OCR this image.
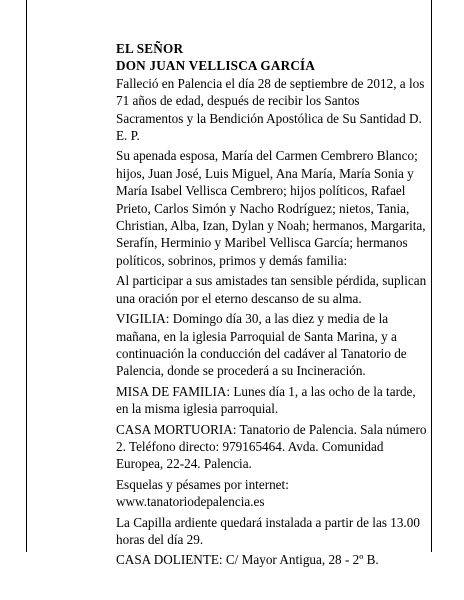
EL SEÑOR

DON JUAN VELLISCA GARCÍA

Falleció en Palencia el día 28 de septiembre de 2012, a los 71 años de edad, después de recibir los Santos Sacramentos y la Bendición Apostólica de Su Santidad D. E. P.

Su apenada esposa, María del Carmen Cembrero Blanco; hijos, Juan José, Luis Miguel, Ana María, María Sonia y María Isabel Vellisca Cembrero; hijos políticos, Rafael Prieto, Carlos Simón y Nacho Rodríguez; nietos, Tania, Christian, Alba, Izan, Dylan y Noah; hermanos, Margarita, Serafín, Herminio y Maribel Vellisca García; hermanos políticos, sobrinos, primos y demás familia:

Al participar a sus amistades tan sensible pérdida, suplican una oración por el eterno descanso de su alma.

VIGILIA: Domingo día 30, a las diez y media de la mañana, en la iglesia Parroquial de Santa Marina, y a continuación la conducción del cadáver al Tanatorio de Palencia, donde se procederá a su Incineración.

MISA DE FAMILIA: Lunes día 1, a las ocho de la tarde, en la misma iglesia parroquial.

CASA MORTUORIA: Tanatorio de Palencia. Sala número 2. Teléfono directo: 979165464. Avda. Comunidad Europea, 22-24. Palencia.

Esquelas y pésames por internet: www.tanatoriodepalencia.es

La Capilla ardiente quedará instalada a partir de las 13.00 horas del día 29.

CASA DOLIENTE: C/ Mayor Antigua, 28 - 2º B.
